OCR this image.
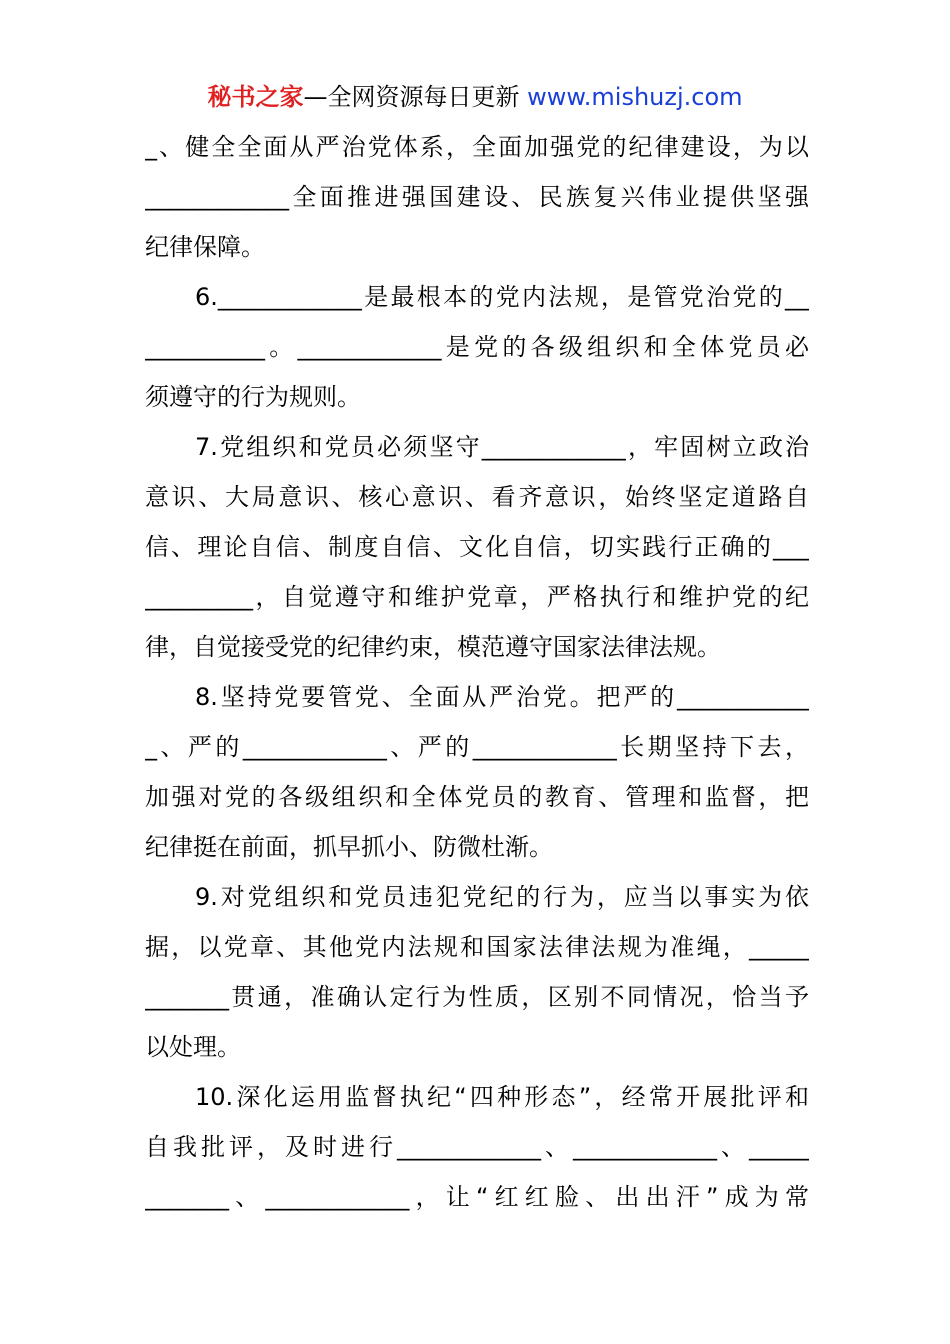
秘书之家—全网资源每日更新 www.mishuzj.com
_、健全全面从严治党体系，全面加强党的纪律建设，为以
____________全面推进强国建设、民族复兴伟业提供坚强
纪律保障。
6.____________是最根本的党内法规，是管党治党的__
__________。____________是党的各级组织和全体党员必
须遵守的行为规则。
7.党组织和党员必须坚守____________，牢固树立政治
意识、大局意识、核心意识、看齐意识，始终坚定道路自
信、理论自信、制度自信、文化自信，切实践行正确的___
_________，自觉遵守和维护党章，严格执行和维护党的纪
律，自觉接受党的纪律约束，模范遵守国家法律法规。
8.坚持党要管党、全面从严治党。把严的___________
_、严的____________、严的____________长期坚持下去，
加强对党的各级组织和全体党员的教育、管理和监督，把
纪律挺在前面，抓早抓小、防微杜渐。
9.对党组织和党员违犯党纪的行为，应当以事实为依
据，以党章、其他党内法规和国家法律法规为准绳，_____
_______贯通，准确认定行为性质，区别不同情况，恰当予
以处理。
10.深化运用监督执纪“四种形态”，经常开展批评和
自我批评，及时进行____________、____________、_____
_______、____________，让“红红脸、出出汗”成为常
